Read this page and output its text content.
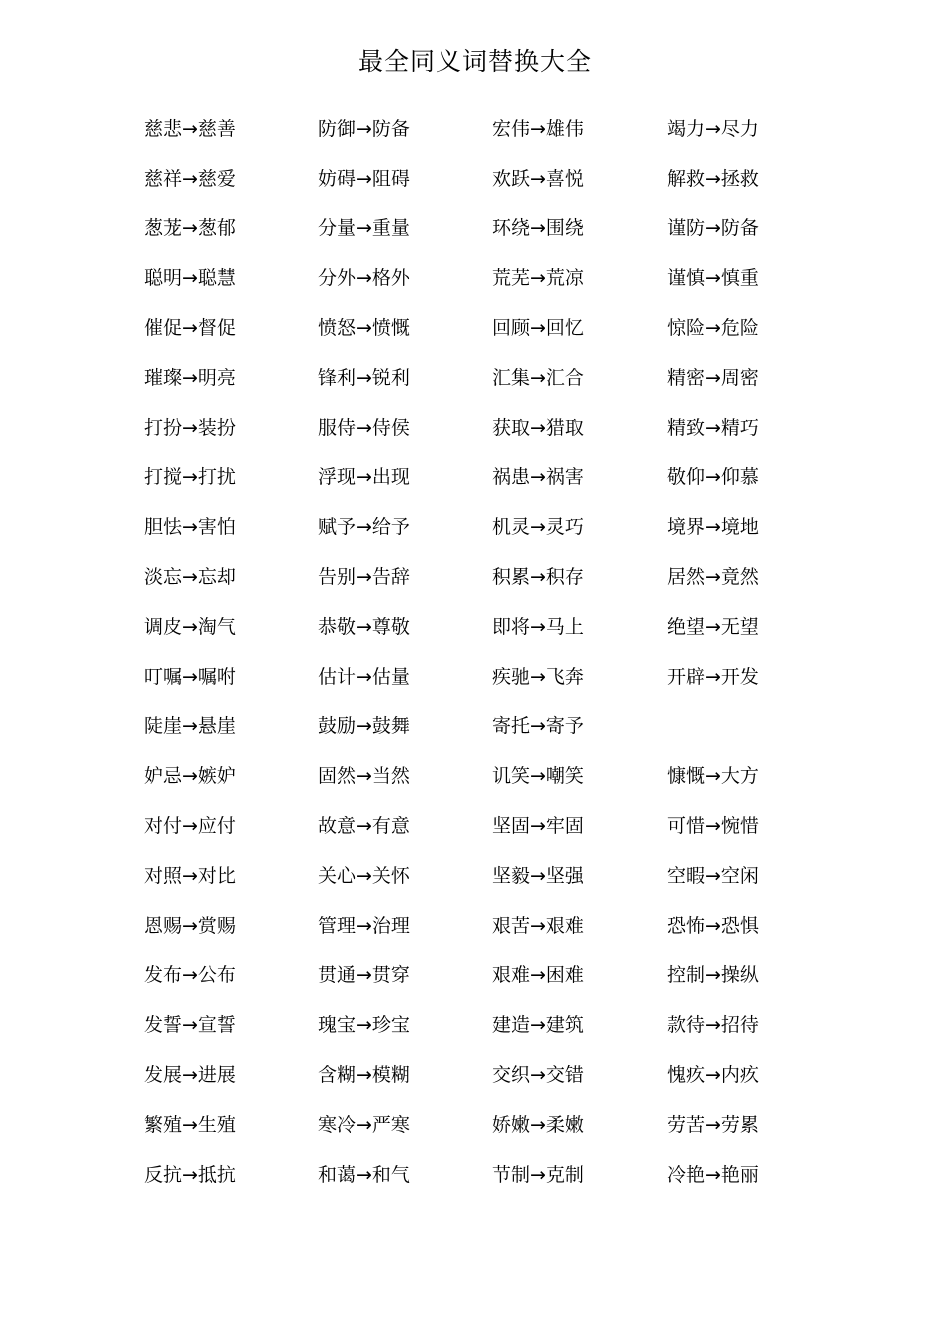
最全同义词替换大全
慈悲→慈善	防御→防备	宏伟→雄伟	竭力→尽力
慈祥→慈爱	妨碍→阻碍	欢跃→喜悦	解救→拯救
葱茏→葱郁	分量→重量	环绕→围绕	谨防→防备
聪明→聪慧	分外→格外	荒芜→荒凉	谨慎→慎重
催促→督促	愤怒→愤慨	回顾→回忆	惊险→危险
璀璨→明亮	锋利→锐利	汇集→汇合	精密→周密
打扮→装扮	服侍→侍侯	获取→猎取	精致→精巧
打搅→打扰	浮现→出现	祸患→祸害	敬仰→仰慕
胆怯→害怕	赋予→给予	机灵→灵巧	境界→境地
淡忘→忘却	告别→告辞	积累→积存	居然→竟然
调皮→淘气	恭敬→尊敬	即将→马上	绝望→无望
叮嘱→嘱咐	估计→估量	疾驰→飞奔	开辟→开发
陡崖→悬崖	鼓励→鼓舞	寄托→寄予
妒忌→嫉妒	固然→当然	讥笑→嘲笑	慷慨→大方
对付→应付	故意→有意	坚固→牢固	可惜→惋惜
对照→对比	关心→关怀	坚毅→坚强	空暇→空闲
恩赐→赏赐	管理→治理	艰苦→艰难	恐怖→恐惧
发布→公布	贯通→贯穿	艰难→困难	控制→操纵
发誓→宣誓	瑰宝→珍宝	建造→建筑	款待→招待
发展→进展	含糊→模糊	交织→交错	愧疚→内疚
繁殖→生殖	寒冷→严寒	娇嫩→柔嫩	劳苦→劳累
反抗→抵抗	和蔼→和气	节制→克制	冷艳→艳丽
